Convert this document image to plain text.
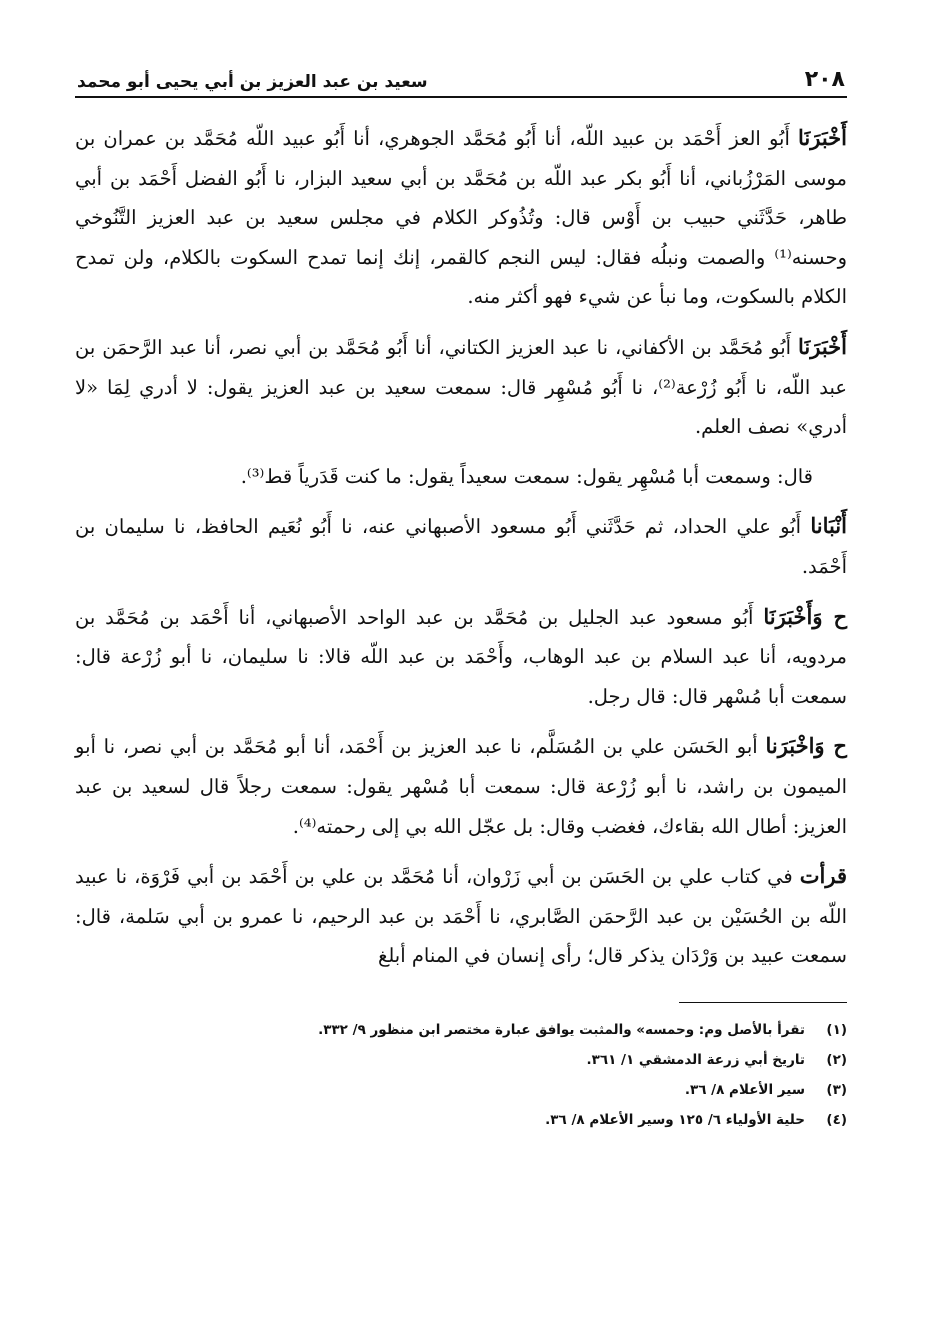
٢٠٨
سعيد بن عبد العزيز بن أبي يحيى أبو محمد

أَخْبَرَنَا أَبُو العز أَحْمَد بن عبيد اللّه، أنا أَبُو مُحَمَّد الجوهري، أنا أَبُو عبيد اللّه مُحَمَّد بن عمران بن موسى المَرْزُباني، أنا أَبُو بكر عبد اللّه بن مُحَمَّد بن أبي سعيد البزار، نا أَبُو الفضل أَحْمَد بن أبي طاهر، حَدَّثَني حبيب بن أَوْس قال: وتُذُوكر الكلام في مجلس سعيد بن عبد العزيز التَّنُوخي وحسنه⁽¹⁾ والصمت ونبلُه فقال: ليس النجم كالقمر، إنك إنما تمدح السكوت بالكلام، ولن تمدح الكلام بالسكوت، وما نبأ عن شيء فهو أكثر منه.

أَخْبَرَنَا أَبُو مُحَمَّد بن الأكفاني، نا عبد العزيز الكتاني، أنا أَبُو مُحَمَّد بن أبي نصر، أنا عبد الرَّحمَن بن عبد اللّه، نا أَبُو زُرْعة⁽²⁾، نا أَبُو مُسْهِر قال: سمعت سعيد بن عبد العزيز يقول: لا أدري لِمَا «لا أدري» نصف العلم.

قال: وسمعت أبا مُسْهِر يقول: سمعت سعيداً يقول: ما كنت قَدَرياً قط⁽³⁾.

أَنْبَانا أَبُو علي الحداد، ثم حَدَّثَني أَبُو مسعود الأصبهاني عنه، نا أَبُو نُعَيم الحافظ، نا سليمان بن أَحْمَد.

ح وَأَخْبَرَنَا أَبُو مسعود عبد الجليل بن مُحَمَّد بن عبد الواحد الأصبهاني، أنا أَحْمَد بن مُحَمَّد بن مردويه، أنا عبد السلام بن عبد الوهاب، وأَحْمَد بن عبد اللّه قالا: نا سليمان، نا أبو زُرْعة قال: سمعت أبا مُسْهر قال: قال رجل.

ح وَاخْبَرَنا أبو الحَسَن علي بن المُسَلَّم، نا عبد العزيز بن أَحْمَد، أنا أبو مُحَمَّد بن أبي نصر، نا أبو الميمون بن راشد، نا أبو زُرْعة قال: سمعت أبا مُسْهر يقول: سمعت رجلاً قال لسعيد بن عبد العزيز: أطال الله بقاءك، فغضب وقال: بل عجّل الله بي إلى رحمته⁽⁴⁾.

قرأت في كتاب علي بن الحَسَن بن أبي زَرْوان، أنا مُحَمَّد بن علي بن أَحْمَد بن أبي فَرْوَة، نا عبيد اللّه بن الحُسَيْن بن عبد الرَّحمَن الصَّابري، نا أَحْمَد بن عبد الرحيم، نا عمرو بن أبي سَلمة، قال: سمعت عبيد بن وَرْدَان يذكر قال؛ رأى إنسان في المنام أبلغ

(١)
تقرأ بالأصل وم: وحمسه» والمثبت يوافق عبارة مختصر ابن منظور ٩/ ٣٣٢.
(٢)
تاريخ أبي زرعة الدمشقي ١/ ٣٦١.
(٣)
سير الأعلام ٨/ ٣٦.
(٤)
حلية الأولياء ٦/ ١٢٥ وسير الأعلام ٨/ ٣٦.
